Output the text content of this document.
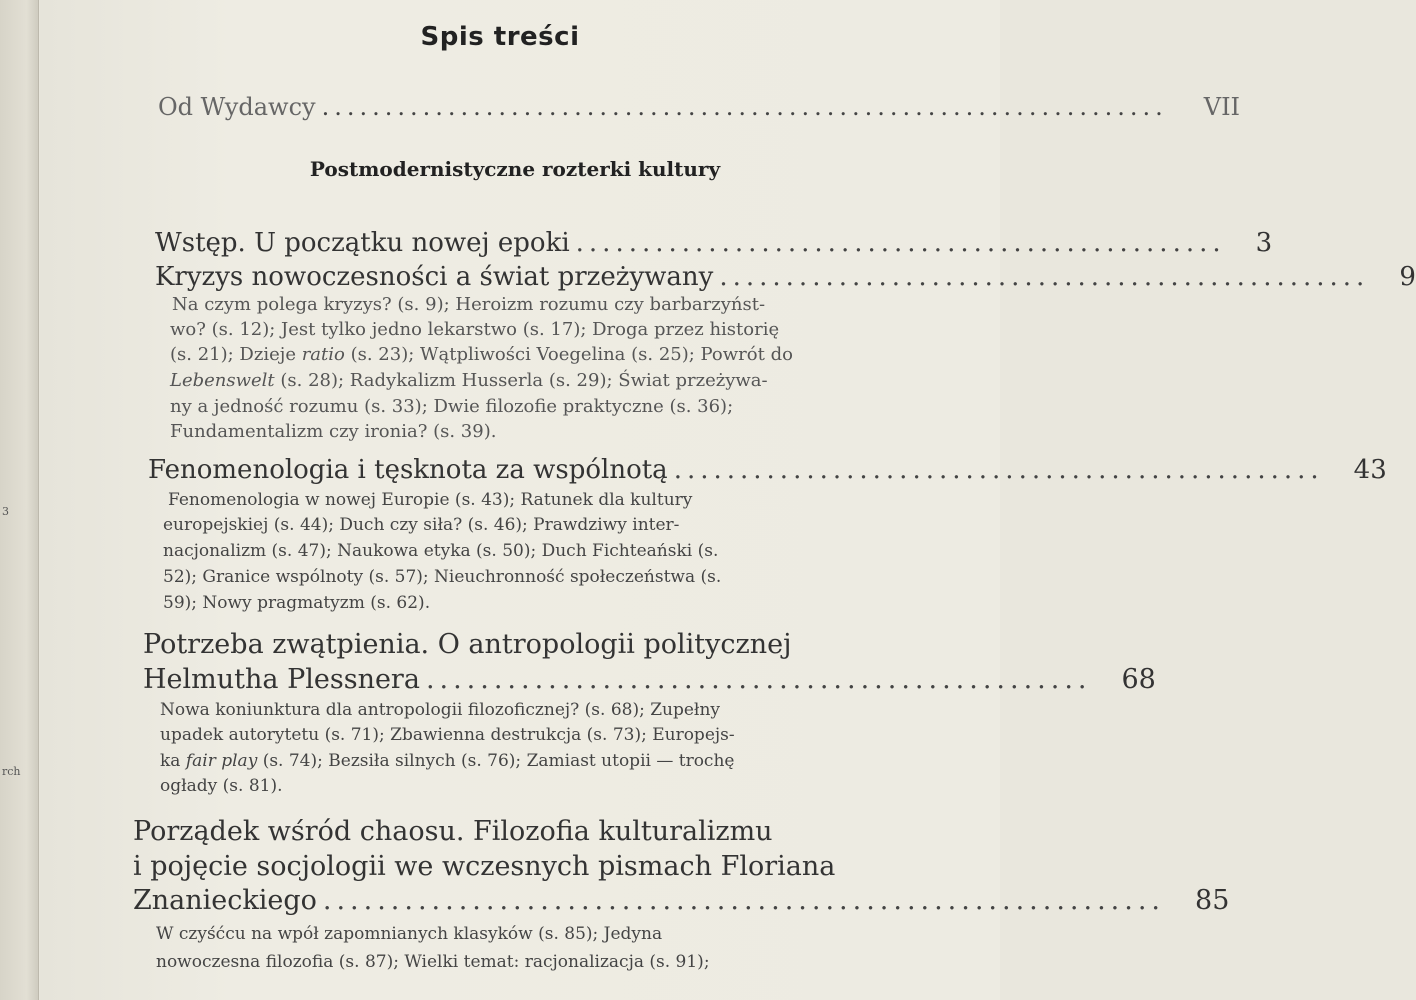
3
rch
Spis treści
Od Wydawcy ................................................................... VII
Postmodernistyczne rozterki kultury
Wstęp. U początku nowej epoki ................................................. 3
Kryzys nowoczesności a świat przeżywany ................................................. 9
Na czym polega kryzys? (s. 9); Heroizm rozumu czy barbarzyńst-
wo? (s. 12); Jest tylko jedno lekarstwo (s. 17); Droga przez historię
(s. 21); Dzieje ratio (s. 23); Wątpliwości Voegelina (s. 25); Powrót do
Lebenswelt (s. 28); Radykalizm Husserla (s. 29); Świat przeżywa-
ny a jedność rozumu (s. 33); Dwie filozofie praktyczne (s. 36);
Fundamentalizm czy ironia? (s. 39).
Fenomenologia i tęsknota za wspólnotą ................................................. 43
Fenomenologia w nowej Europie (s. 43); Ratunek dla kultury
europejskiej (s. 44); Duch czy siła? (s. 46); Prawdziwy inter-
nacjonalizm (s. 47); Naukowa etyka (s. 50); Duch Fichteański (s.
52); Granice wspólnoty (s. 57); Nieuchronność społeczeństwa (s.
59); Nowy pragmatyzm (s. 62).
Potrzeba zwątpienia. O antropologii politycznej
Helmutha Plessnera ................................................. 68
Nowa koniunktura dla antropologii filozoficznej? (s. 68); Zupełny
upadek autorytetu (s. 71); Zbawienna destrukcja (s. 73); Europejs-
ka fair play (s. 74); Bezsiła silnych (s. 76); Zamiast utopii — trochę
ogłady (s. 81).
Porządek wśród chaosu. Filozofia kulturalizmu
i pojęcie socjologii we wczesnych pismach Floriana
Znanieckiego .............................................................. 85
W czyśćcu na wpół zapomnianych klasyków (s. 85); Jedyna
nowoczesna filozofia (s. 87); Wielki temat: racjonalizacja (s. 91);
